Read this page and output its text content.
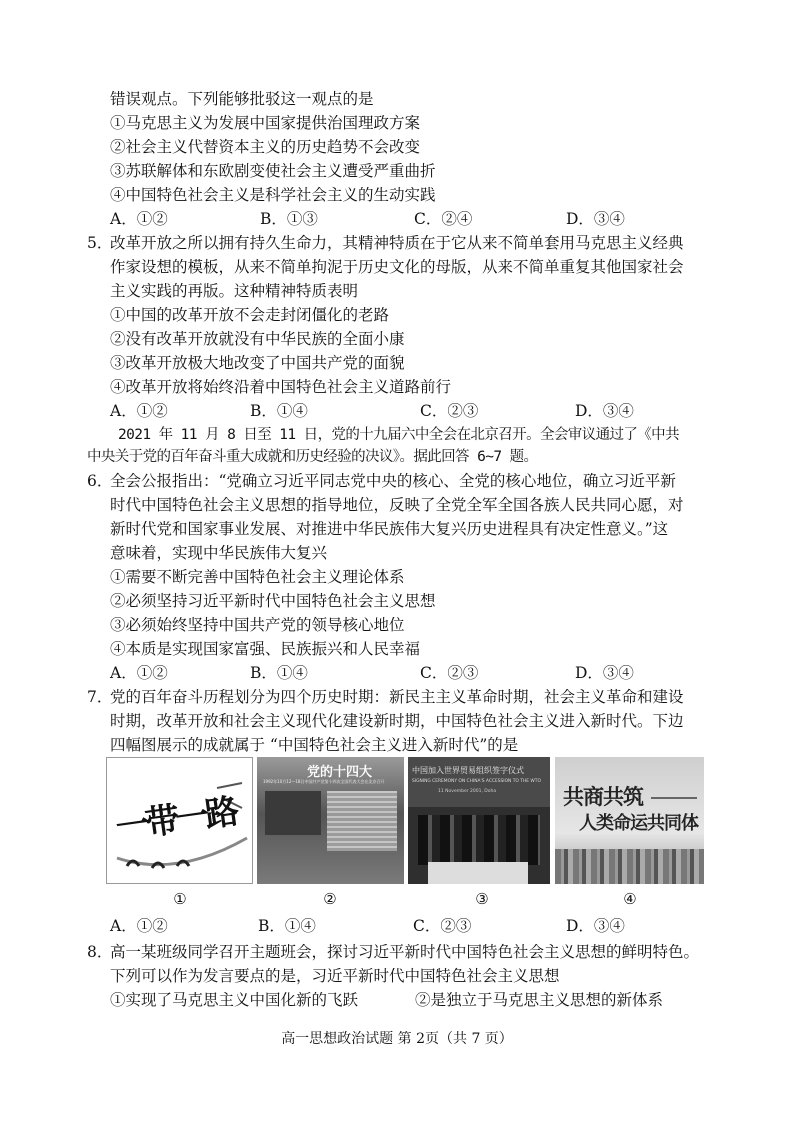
错误观点。下列能够批驳这一观点的是
①马克思主义为发展中国家提供治国理政方案
②社会主义代替资本主义的历史趋势不会改变
③苏联解体和东欧剧变使社会主义遭受严重曲折
④中国特色社会主义是科学社会主义的生动实践
A．①②	B．①③	C．②④	D．③④
5．
改革开放之所以拥有持久生命力，其精神特质在于它从来不简单套用马克思主义经典
作家设想的模板，从来不简单拘泥于历史文化的母版，从来不简单重复其他国家社会
主义实践的再版。这种精神特质表明
①中国的改革开放不会走封闭僵化的老路
②没有改革开放就没有中华民族的全面小康
③改革开放极大地改变了中国共产党的面貌
④改革开放将始终沿着中国特色社会主义道路前行
A．①②	B．①④	C．②③	D．③④
2021 年 11 月 8 日至 11 日，党的十九届六中全会在北京召开。全会审议通过了《中共
中央关于党的百年奋斗重大成就和历史经验的决议》。据此回答 6~7 题。
6．
全会公报指出：“党确立习近平同志党中央的核心、全党的核心地位，确立习近平新
时代中国特色社会主义思想的指导地位，反映了全党全军全国各族人民共同心愿，对
新时代党和国家事业发展、对推进中华民族伟大复兴历史进程具有决定性意义。”这
意味着，实现中华民族伟大复兴
①需要不断完善中国特色社会主义理论体系
②必须坚持习近平新时代中国特色社会主义思想
③必须始终坚持中国共产党的领导核心地位
④本质是实现国家富强、民族振兴和人民幸福
A．①②	B．①④	C．②③	D．③④
7．
党的百年奋斗历程划分为四个历史时期：新民主主义革命时期，社会主义革命和建设
时期，改革开放和社会主义现代化建设新时期，中国特色社会主义进入新时代。下边
四幅图展示的成就属于 “中国特色社会主义进入新时代”的是
一带一路
党的十四大
1992年10月12—18日中国共产党第十四次全国代表大会在北京召开
中国加入世界贸易组织签字仪式
SIGNING CEREMONY ON CHINA'S ACCESSION TO THE WTO
11 November 2001, Doha	共商共筑
人类命运共同体
①	②	③	④
A．①②	B．①④	C．②③	D．③④
8．
高一某班级同学召开主题班会，探讨习近平新时代中国特色社会主义思想的鲜明特色。
下列可以作为发言要点的是，习近平新时代中国特色社会主义思想
①实现了马克思主义中国化新的飞跃	②是独立于马克思主义思想的新体系
高一思想政治试题 第 2页（共 7 页）
